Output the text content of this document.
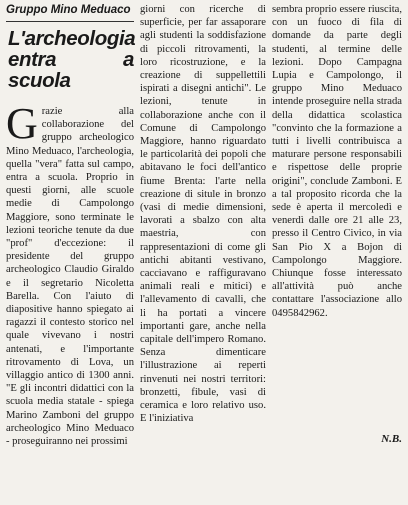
Gruppo Mino Meduaco
L'archeologia entra a scuola

Grazie alla collaborazione del gruppo archeologico Mino Meduaco, l'archeologia, quella "vera" fatta sul campo, entra a scuola. Proprio in questi giorni, alle scuole medie di Campolongo Maggiore, sono terminate le lezioni teoriche tenute da due "prof" d'eccezione: il presidente del gruppo archeologico Claudio Giraldo e il segretario Nicoletta Barella. Con l'aiuto di diapositive hanno spiegato ai ragazzi il contesto storico nel quale vivevano i nostri antenati, e l'importante ritrovamento di Lova, un villaggio antico di 1300 anni. "E gli incontri didattici con la scuola media statale - spiega Marino Zamboni del gruppo archeologico Mino Meduaco - proseguiranno nei prossimi

giorni con ricerche di superficie, per far assaporare agli studenti la soddisfazione di piccoli ritrovamenti, la loro ricostruzione, e la creazione di suppellettili ispirati a disegni antichi". Le lezioni, tenute in collaborazione anche con il Comune di Campolongo Maggiore, hanno riguardato le particolarità dei popoli che abitavano le foci dell'antico fiume Brenta: l'arte nella creazione di situle in bronzo (vasi di medie dimensioni, lavorati a sbalzo con alta maestria, con rappresentazioni di come gli antichi abitanti vestivano, cacciavano e raffiguravano animali reali e mitici) e l'allevamento di cavalli, che li ha portati a vincere importanti gare, anche nella capitale dell'impero Romano. Senza dimenticare l'illustrazione ai reperti rinvenuti nei nostri territori: bronzetti, fibule, vasi di ceramica e loro relativo uso. E l'iniziativa

sembra proprio essere riuscita, con un fuoco di fila di domande da parte degli studenti, al termine delle lezioni. Dopo Campagna Lupia e Campolongo, il gruppo Mino Meduaco intende proseguire nella strada della didattica scolastica "convinto che la formazione a tutti i livelli contribuisca a maturare persone responsabili e rispettose delle proprie origini", conclude Zamboni. E a tal proposito ricorda che la sede è aperta il mercoledì e venerdì dalle ore 21 alle 23, presso il Centro Civico, in via San Pio X a Bojon di Campolongo Maggiore. Chiunque fosse interessato all'attività può anche contattare l'associazione allo 0495842962.

N.B.
